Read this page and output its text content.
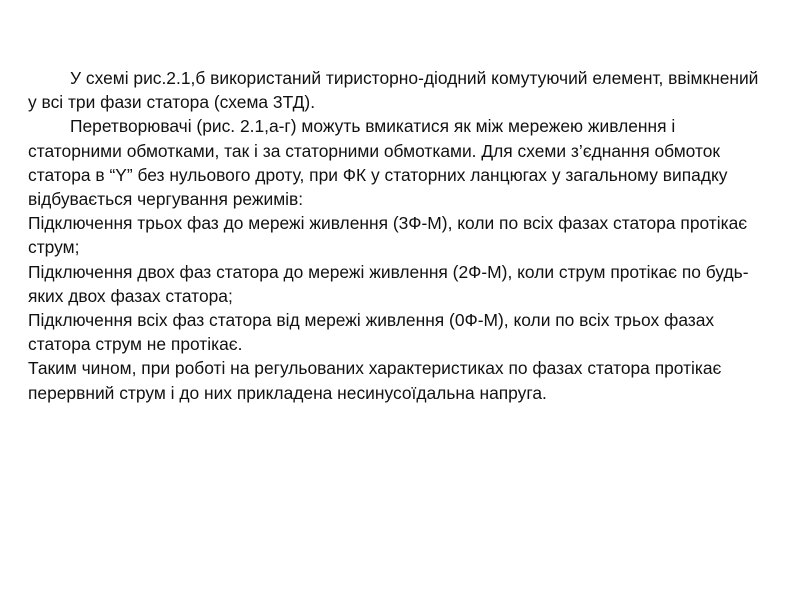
У схемі рис.2.1,б використаний тиристорно-діодний комутуючий елемент, ввімкнений у всі три фази статора (схема 3ТД).

Перетворювачі (рис. 2.1,а-г) можуть вмикатися як між мережею живлення і статорними обмотками, так і за статорними обмотками. Для схеми з’єднання обмоток статора в “Y” без нульового дроту, при ФК у статорних ланцюгах у загальному випадку відбувається чергування режимів:

Підключення трьох фаз до мережі живлення (3Ф-М), коли по всіх фазах статора протікає струм;

Підключення двох фаз статора до мережі живлення (2Ф-М), коли струм протікає по будь-яких двох фазах статора;

Підключення всіх фаз статора від мережі живлення (0Ф-М), коли по всіх трьох фазах статора струм не протікає.

Таким чином, при роботі на регульованих характеристиках по фазах статора протікає перервний струм і до них прикладена несинусоїдальна напруга.
